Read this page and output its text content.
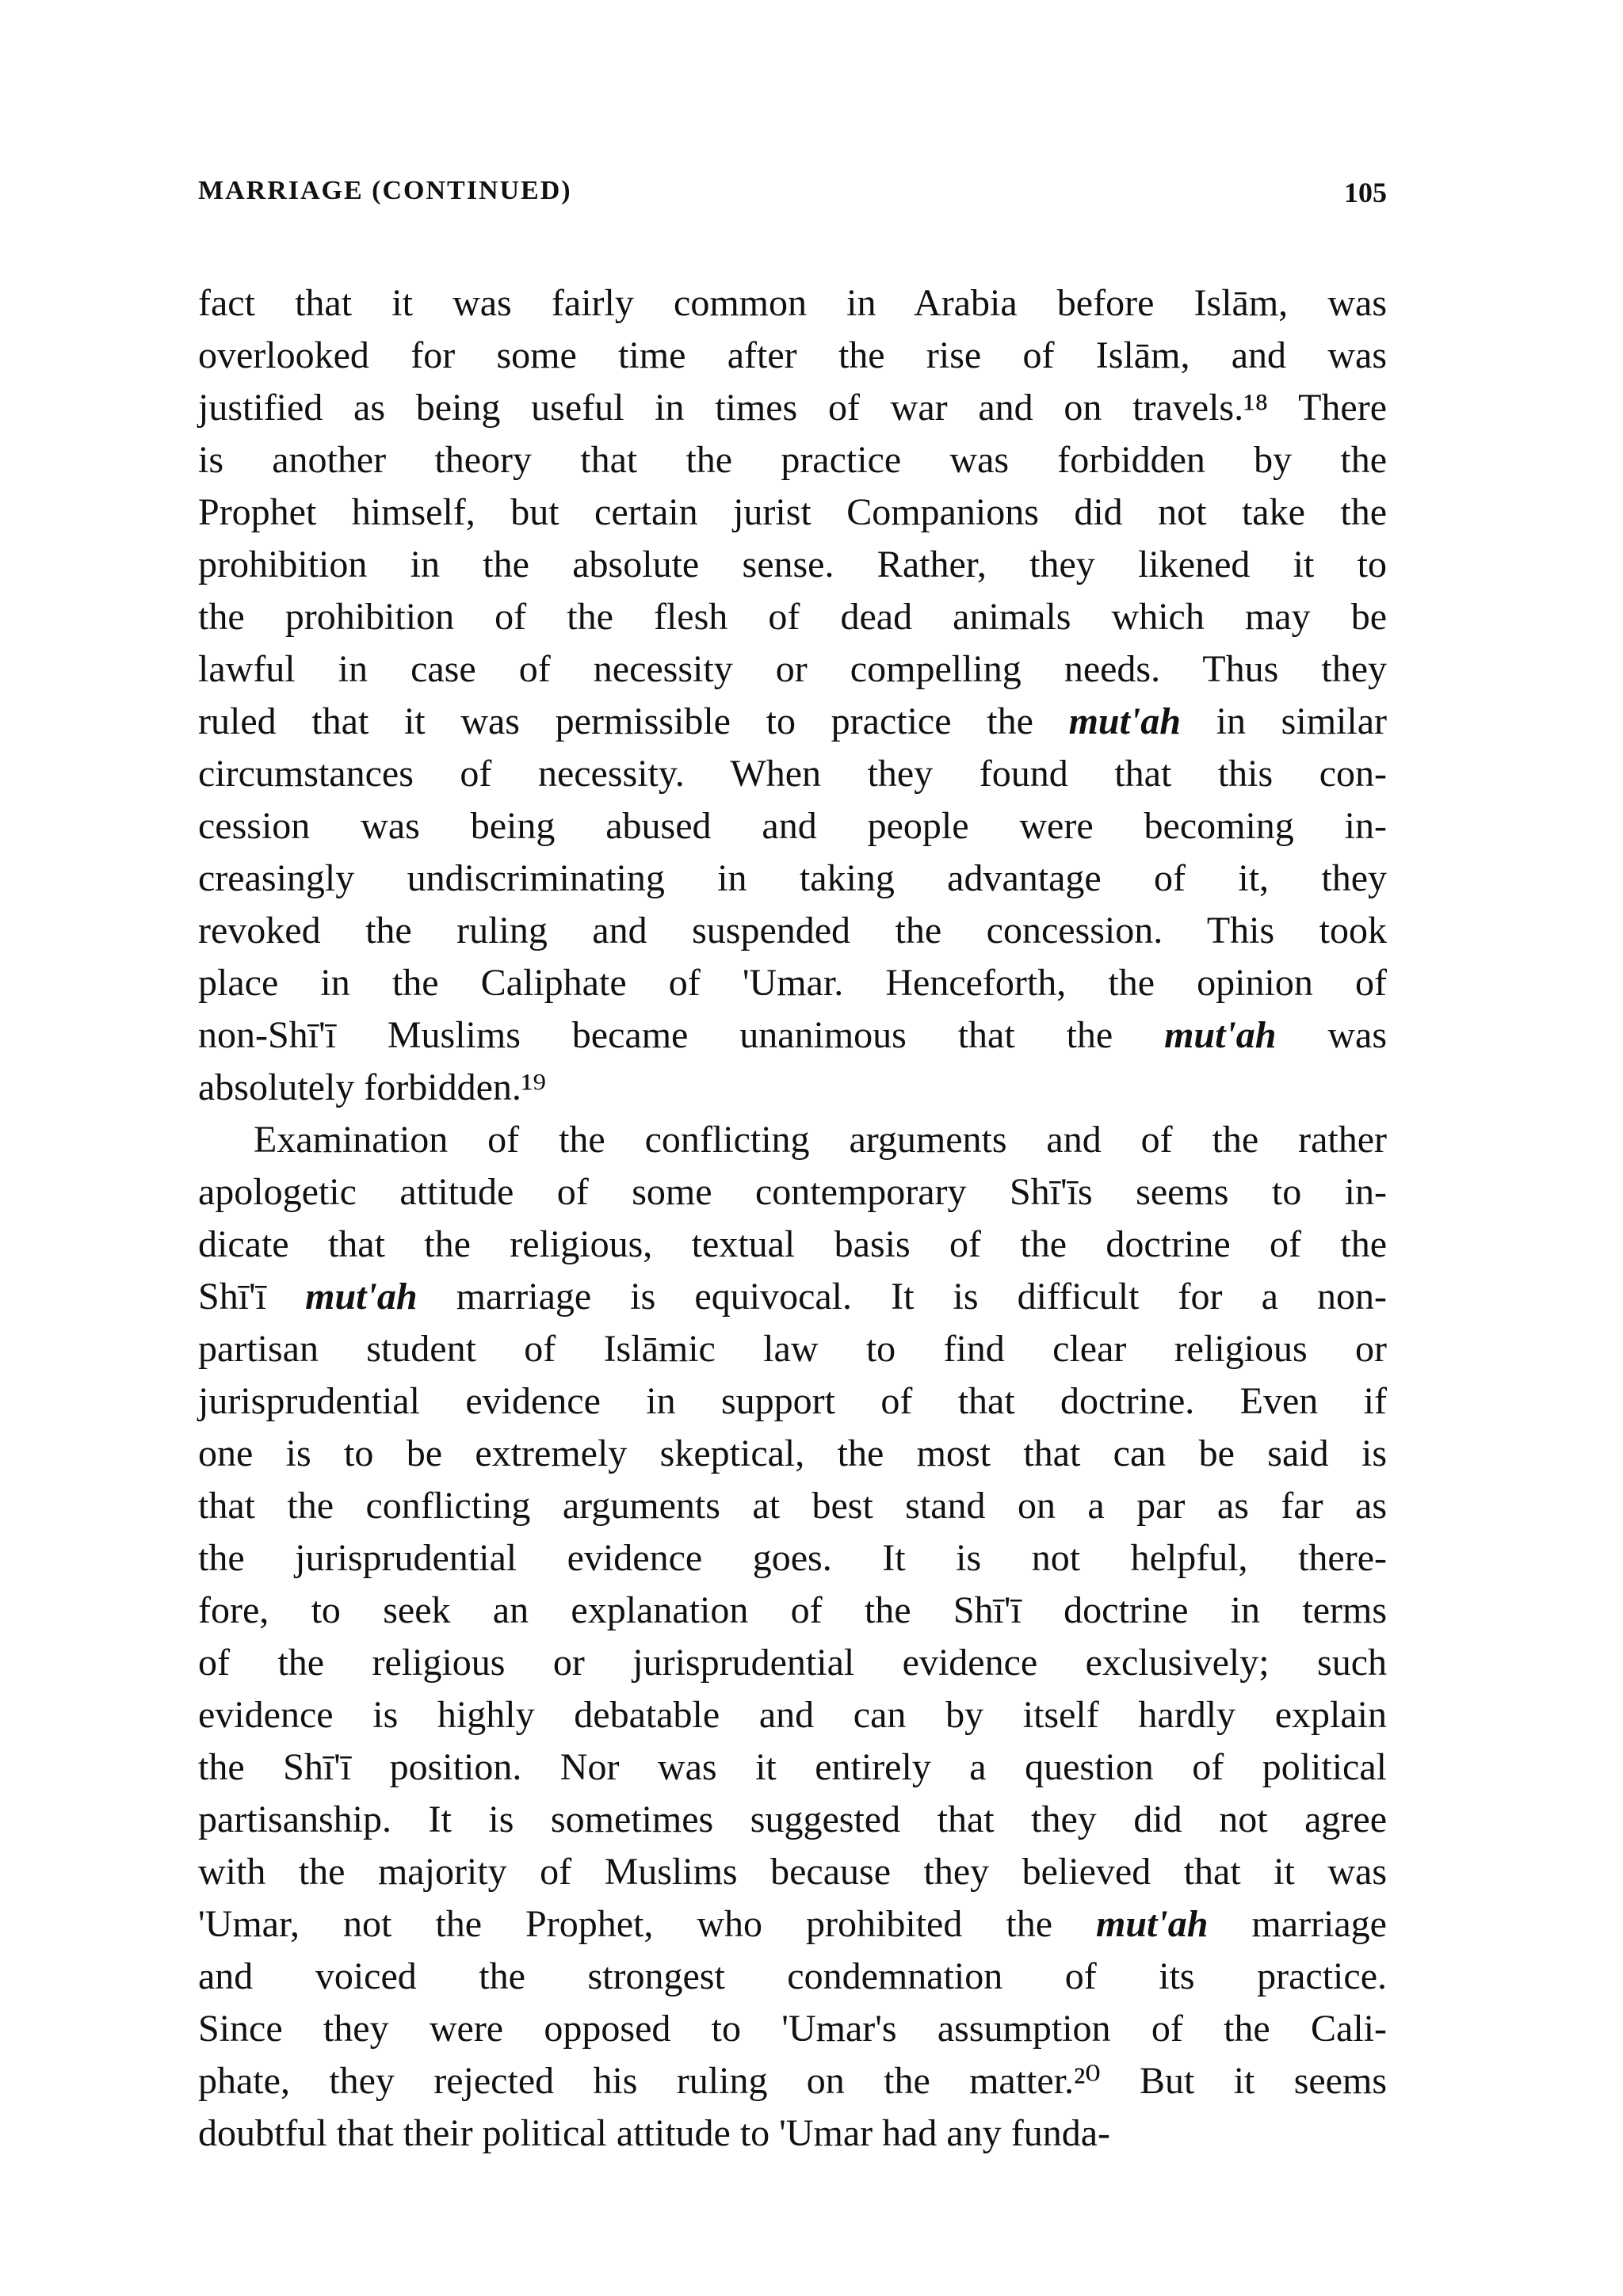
MARRIAGE (CONTINUED)	105
fact that it was fairly common in Arabia before Islām, was
overlooked for some time after the rise of Islām, and was
justified as being useful in times of war and on travels.¹⁸ There
is another theory that the practice was forbidden by the
Prophet himself, but certain jurist Companions did not take the
prohibition in the absolute sense. Rather, they likened it to
the prohibition of the flesh of dead animals which may be
lawful in case of necessity or compelling needs. Thus they
ruled that it was permissible to practice the mut'ah in similar
circumstances of necessity. When they found that this con-
cession was being abused and people were becoming in-
creasingly undiscriminating in taking advantage of it, they
revoked the ruling and suspended the concession. This took
place in the Caliphate of 'Umar. Henceforth, the opinion of
non-Shī'ī Muslims became unanimous that the mut'ah was
absolutely forbidden.¹⁹
Examination of the conflicting arguments and of the rather
apologetic attitude of some contemporary Shī'īs seems to in-
dicate that the religious, textual basis of the doctrine of the
Shī'ī mut'ah marriage is equivocal. It is difficult for a non-
partisan student of Islāmic law to find clear religious or
jurisprudential evidence in support of that doctrine. Even if
one is to be extremely skeptical, the most that can be said is
that the conflicting arguments at best stand on a par as far as
the jurisprudential evidence goes. It is not helpful, there-
fore, to seek an explanation of the Shī'ī doctrine in terms
of the religious or jurisprudential evidence exclusively; such
evidence is highly debatable and can by itself hardly explain
the Shī'ī position. Nor was it entirely a question of political
partisanship. It is sometimes suggested that they did not agree
with the majority of Muslims because they believed that it was
'Umar, not the Prophet, who prohibited the mut'ah marriage
and voiced the strongest condemnation of its practice.
Since they were opposed to 'Umar's assumption of the Cali-
phate, they rejected his ruling on the matter.²⁰ But it seems
doubtful that their political attitude to 'Umar had any funda-
